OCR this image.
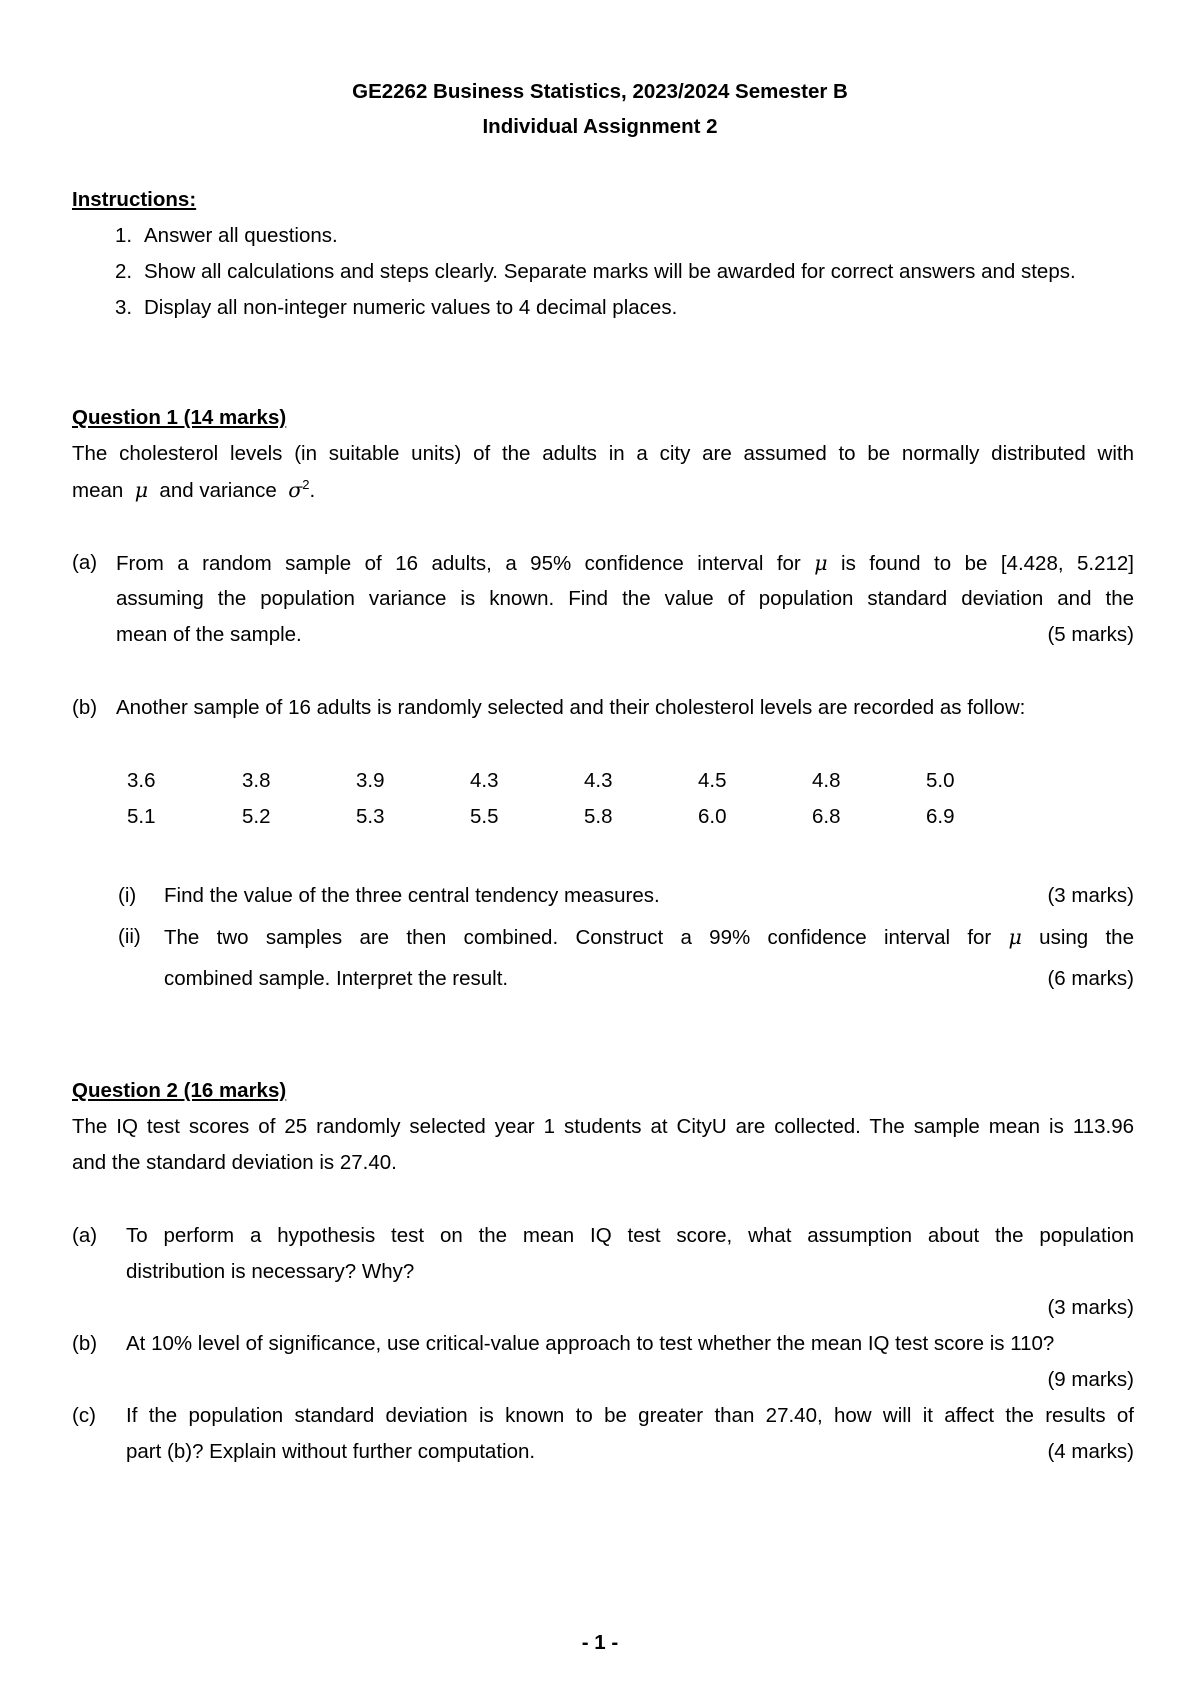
GE2262 Business Statistics, 2023/2024 Semester B
Individual Assignment 2
Instructions:
1. Answer all questions.
2. Show all calculations and steps clearly. Separate marks will be awarded for correct answers and steps.
3. Display all non-integer numeric values to 4 decimal places.
Question 1 (14 marks)
The cholesterol levels (in suitable units) of the adults in a city are assumed to be normally distributed with
mean μ and variance $\sigma^2$.
(a) From a random sample of 16 adults, a 95% confidence interval for μ is found to be [4.428, 5.212]
assuming the population variance is known. Find the value of population standard deviation and the
mean of the sample.	(5 marks)
(b) Another sample of 16 adults is randomly selected and their cholesterol levels are recorded as follow:
3.6	3.8	3.9	4.3	4.3	4.5	4.8	5.0
5.1	5.2	5.3	5.5	5.8	6.0	6.8	6.9
(i) Find the value of the three central tendency measures.	(3 marks)
(ii) The two samples are then combined. Construct a 99% confidence interval for μ using the
combined sample. Interpret the result.	(6 marks)
Question 2 (16 marks)
The IQ test scores of 25 randomly selected year 1 students at CityU are collected. The sample mean is 113.96
and the standard deviation is 27.40.
(a) To perform a hypothesis test on the mean IQ test score, what assumption about the population
distribution is necessary? Why?
(3 marks)
(b) At 10% level of significance, use critical-value approach to test whether the mean IQ test score is 110?
(9 marks)
(c) If the population standard deviation is known to be greater than 27.40, how will it affect the results of
part (b)? Explain without further computation.	(4 marks)
- 1 -
